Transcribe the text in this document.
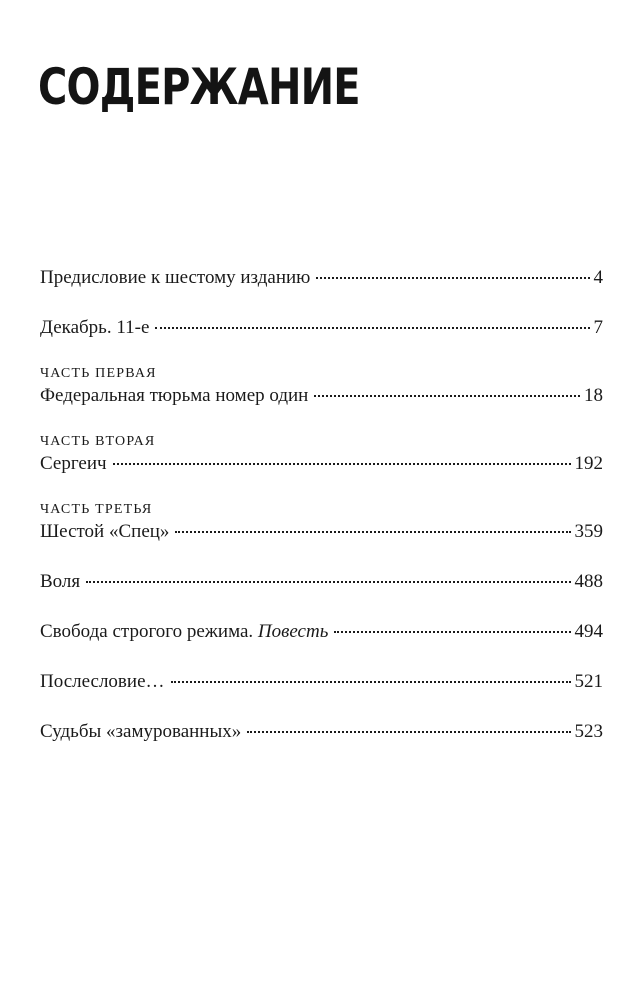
СОДЕРЖАНИЕ
Предисловие к шестому изданию	4
Декабрь. 11-е	7
ЧАСТЬ ПЕРВАЯ
Федеральная тюрьма номер один	18
ЧАСТЬ ВТОРАЯ
Сергеич	192
ЧАСТЬ ТРЕТЬЯ
Шестой «Спец»	359
Воля	488
Свобода строгого режима. Повесть	494
Послесловие…	521
Судьбы «замурованных»	523
